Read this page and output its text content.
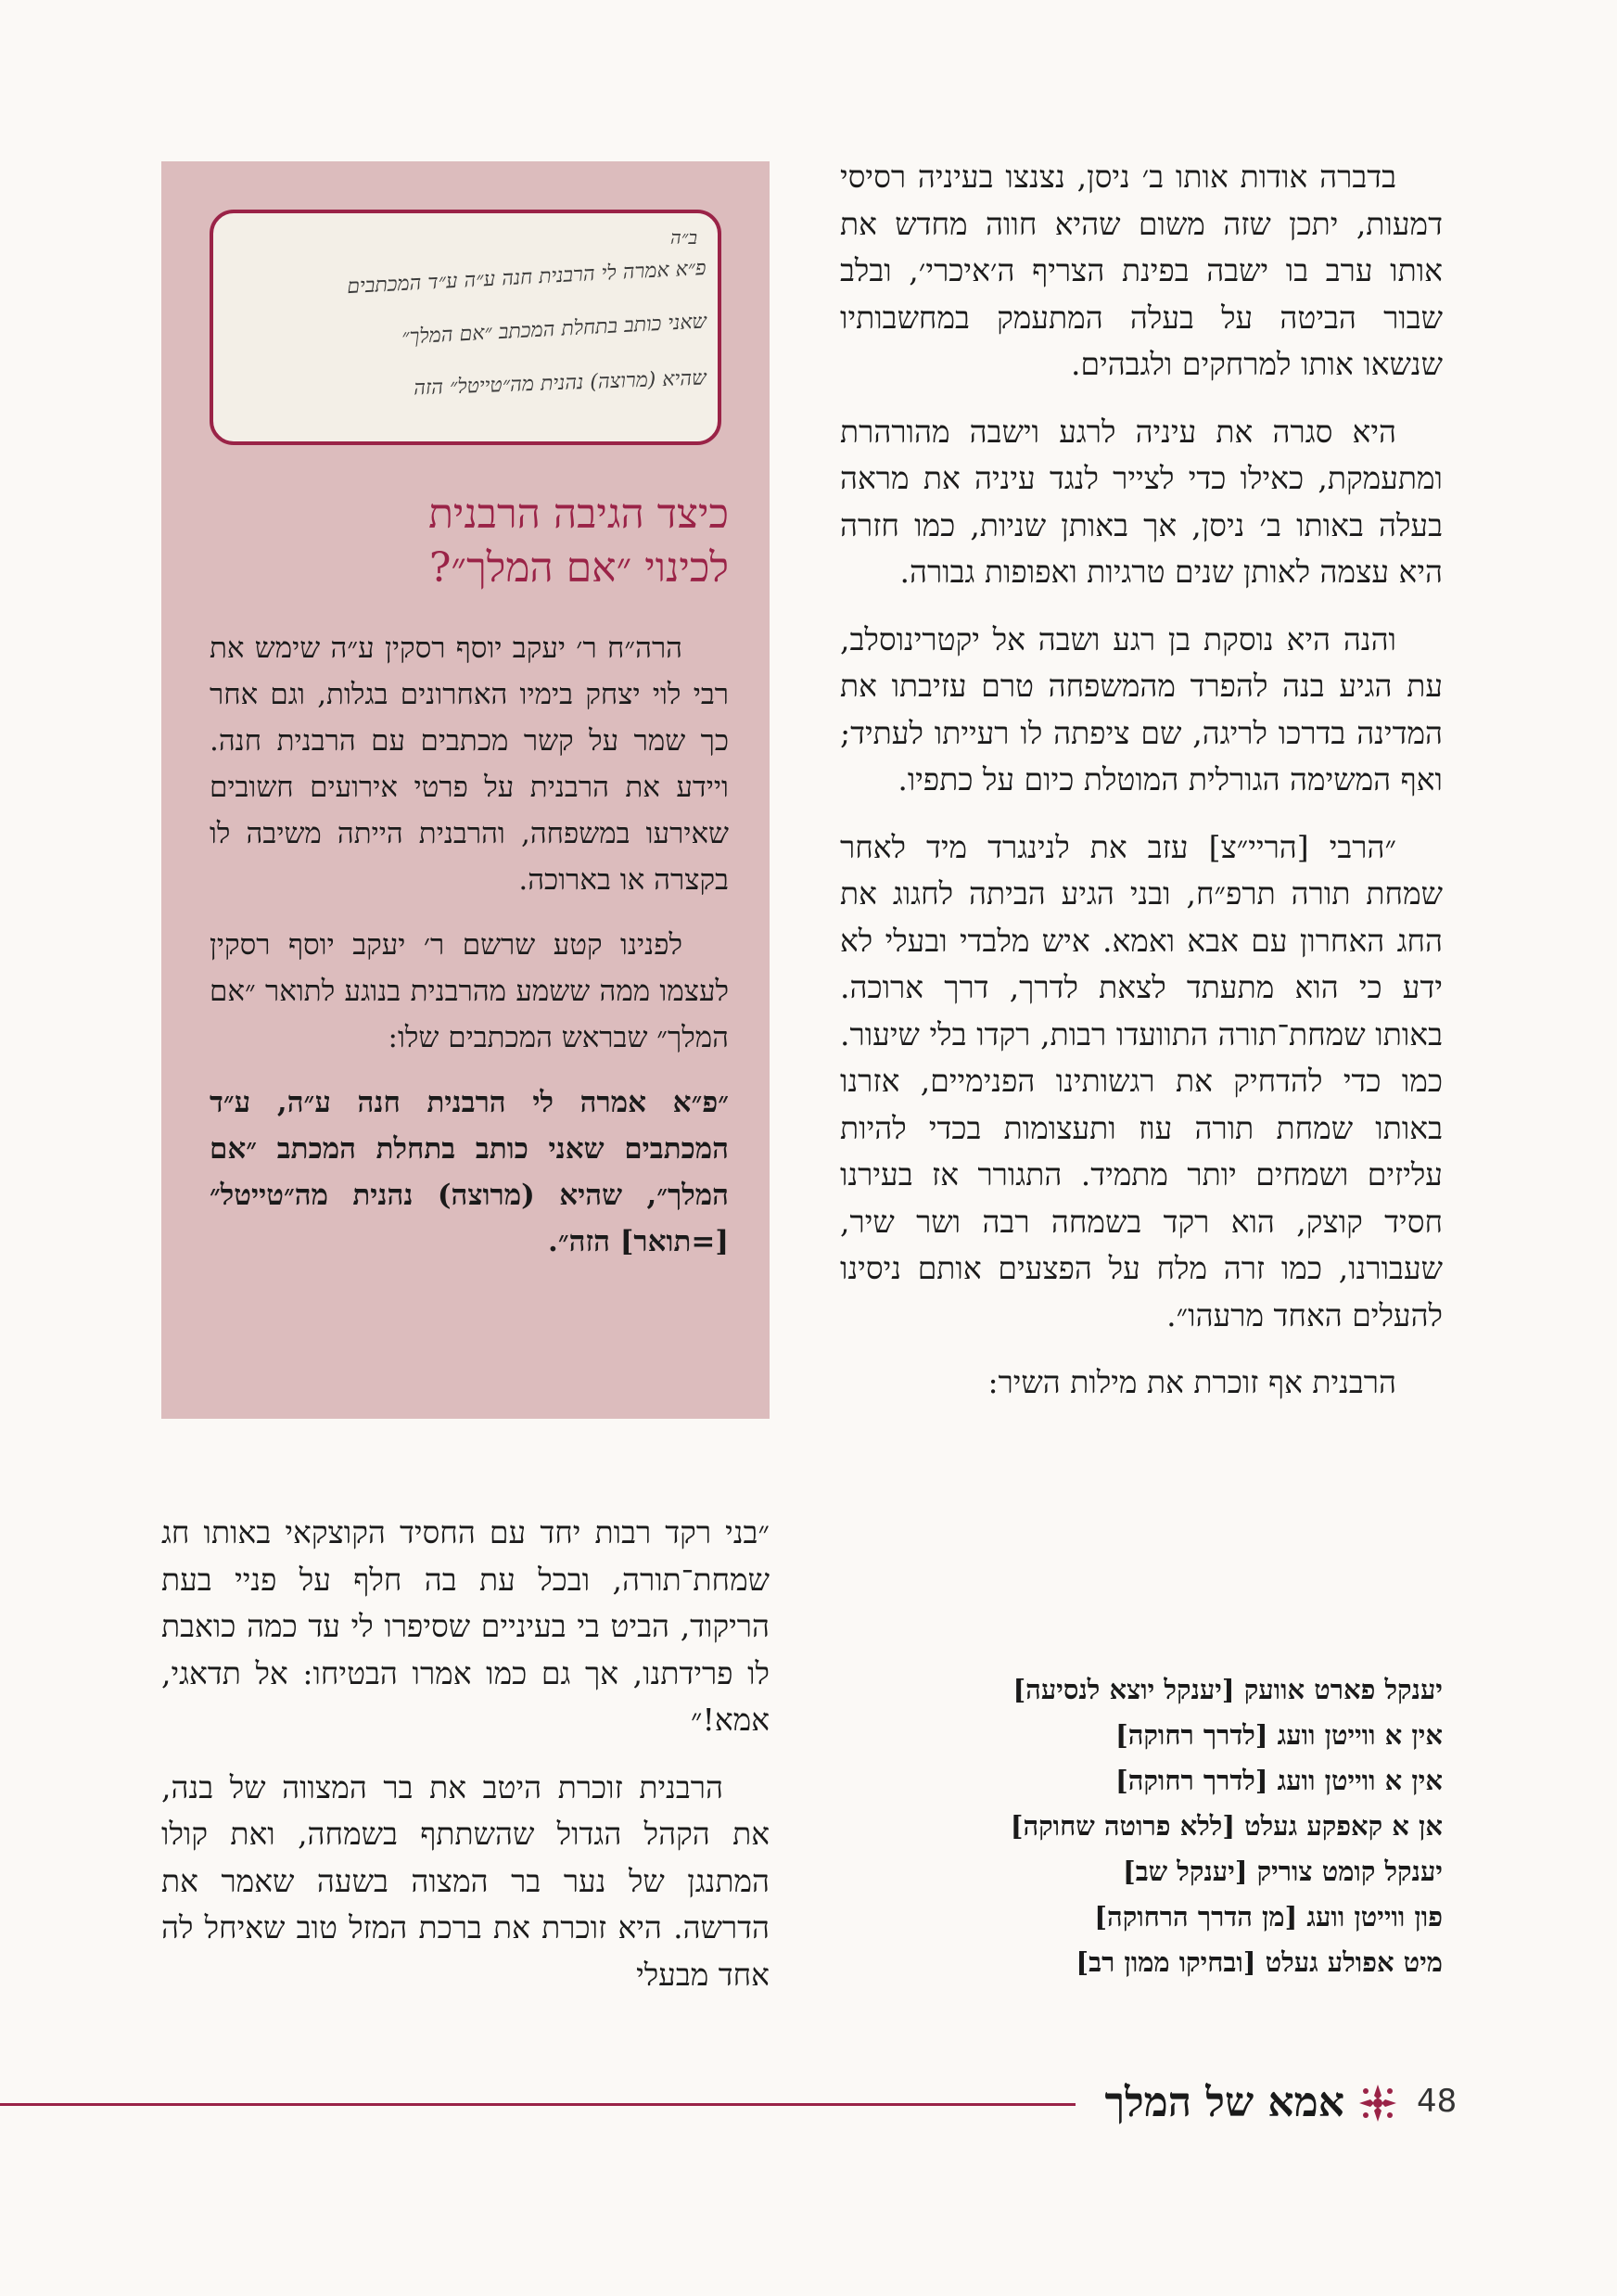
בדברה אודות אותו ב׳ ניסן, נצנצו בעיניה רסיסי דמעות, יתכן שזה משום שהיא חווה מחדש את אותו ערב בו ישבה בפינת הצריף ה׳איכרי׳, ובלב שבור הביטה על בעלה המתעמק במחשבותיו שנשאו אותו למרחקים ולגבהים.

היא סגרה את עיניה לרגע וישבה מהורהרת ומתעמקת, כאילו כדי לצייר לנגד עיניה את מראה בעלה באותו ב׳ ניסן, אך באותן שניות, כמו חזרה היא עצמה לאותן שנים טרגיות ואפופות גבורה.

והנה היא נוסקת בן רגע ושבה אל יקטרינוסלב, עת הגיע בנה להפרד מהמשפחה טרם עזיבתו את המדינה בדרכו לריגה, שם ציפתה לו רעייתו לעתיד; ואף המשימה הגורלית המוטלת כיום על כתפיו.

״הרבי [הריי״צ] עזב את לנינגרד מיד לאחר שמחת תורה תרפ״ח, ובני הגיע הביתה לחגוג את החג האחרון עם אבא ואמא. איש מלבדי ובעלי לא ידע כי הוא מתעתד לצאת לדרך, דרך ארוכה. באותו שמחת־תורה התוועדו רבות, רקדו בלי שיעור. כמו כדי להדחיק את רגשותינו הפנימיים, אזרנו באותו שמחת תורה עוז ותעצומות בכדי להיות עליזים ושמחים יותר מתמיד. התגורר אז בעירנו חסיד קוצק, הוא רקד בשמחה רבה ושר שיר, שעבורנו, כמו זרה מלח על הפצעים אותם ניסינו להעלים האחד מרעהו״.

הרבנית אף זוכרת את מילות השיר:

יענקל פארט אוועק [יענקל יוצא לנסיעה]
אין א ווייטן וועג [לדרך רחוקה]
אין א ווייטן וועג [לדרך רחוקה]
אן א קאפקע געלט [ללא פרוטה שחוקה]
יענקל קומט צוריק [יענקל שב]
פון ווייטן וועג [מן הדרך הרחוקה]
מיט אפולע געלט [ובחיקו ממון רב]
ב״ה
פ״א אמרה לי הרבנית חנה ע״ה ע״ד המכתבים
שאני כותב בתחלת המכתב ״אם המלך״
שהיא (מרוצה) נהנית מה״טייטל״ הזה
כיצד הגיבה הרבנית
לכינוי ״אם המלך״?

הרה״ח ר׳ יעקב יוסף רסקין ע״ה שימש את רבי לוי יצחק בימיו האחרונים בגלות, וגם אחר כך שמר על קשר מכתבים עם הרבנית חנה. ויידע את הרבנית על פרטי אירועים חשובים שאירעו במשפחה, והרבנית הייתה משיבה לו בקצרה או בארוכה.

לפנינו קטע שרשם ר׳ יעקב יוסף רסקין לעצמו ממה ששמע מהרבנית בנוגע לתואר ״אם המלך״ שבראש המכתבים שלו:

״פ״א אמרה לי הרבנית חנה ע״ה, ע״ד המכתבים שאני כותב בתחלת המכתב ״אם המלך״, שהיא (מרוצה) נהנית מה״טייטל״ [=תואר] הזה״.

״בני רקד רבות יחד עם החסיד הקוצקאי באותו חג שמחת־תורה, ובכל עת בה חלף על פניי בעת הריקוד, הביט בי בעיניים שסיפרו לי עד כמה כואבת לו פרידתנו, אך גם כמו אמרו הבטיחו: אל תדאגי, אמא!״

הרבנית זוכרת היטב את בר המצווה של בנה, את הקהל הגדול שהשתתף בשמחה, ואת קולו המתנגן של נער בר המצוה בשעה שאמר את הדרשה. היא זוכרת את ברכת המזל טוב שאיחל לה אחד מבעלי

אמא של המלך 48
